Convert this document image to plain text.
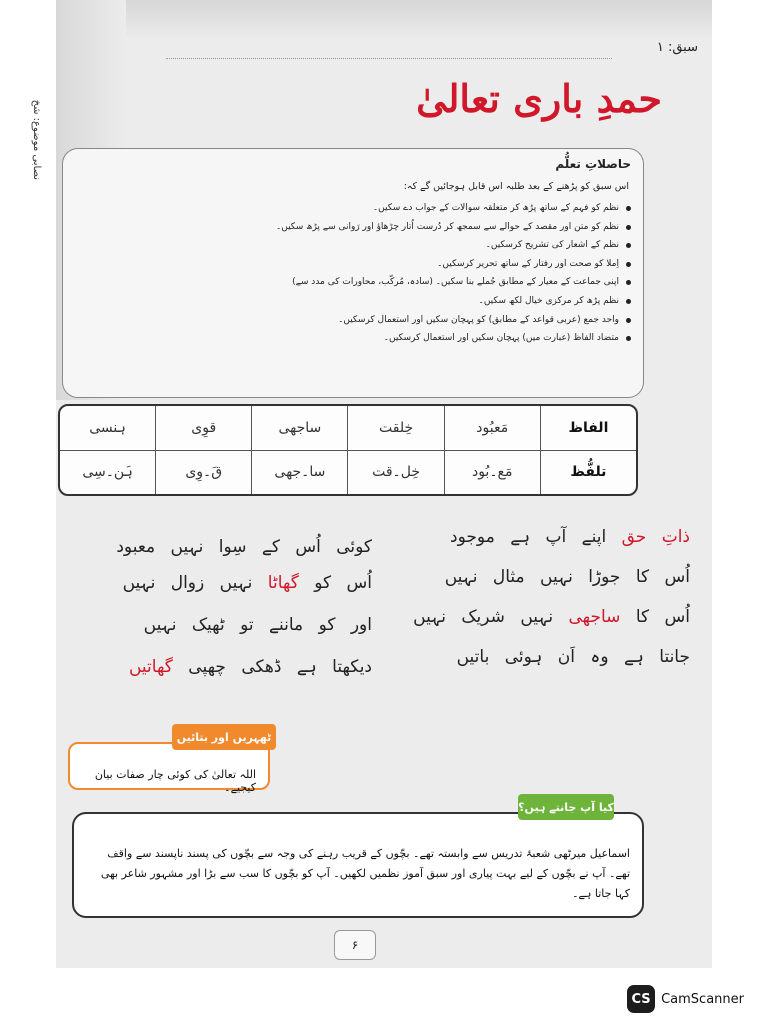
نصابی موضوع: شخ
سبق: ۱
حمدِ باری تعالیٰ
حاصلاتِ تعلُّم
اس سبق کو پڑھنے کے بعد طلبہ اس قابل ہوجائیں گے کہ:
نظم کو فہم کے ساتھ پڑھ کر متعلقہ سوالات کے جواب دے سکیں۔
نظم کو متن اور مقصد کے حوالے سے سمجھ کر دُرست اُتار چڑھاؤ اور رَوانی سے پڑھ سکیں۔
نظم کے اشعار کی تشریح کرسکیں۔
اِملا کو صحت اور رفتار کے ساتھ تحریر کرسکیں۔
اپنی جماعت کے معیار کے مطابق جُملے بنا سکیں۔ (سادہ، مُرکّب، محاورات کی مدد سے)
نظم پڑھ کر مرکزی خیال لکھ سکیں۔
واحد جمع (عربی قواعد کے مطابق) کو پہچان سکیں اور استعمال کرسکیں۔
متضاد الفاظ (عبارت میں) پہچان سکیں اور استعمال کرسکیں۔
الفاظ
مَعبُود
خِلقت
ساجھی
قوِی
ہنسی
تلفُّظ
مَع۔بُود
خِل۔قت
سا۔جھی
قَ۔وِی
ہَن۔سِی
ذاتِ حق اپنے آپ ہے موجود
کوئی اُس کے سِوا نہیں معبود
اُس کا جوڑا نہیں مثال نہیں
اُس کو گھاٹا نہیں زوال نہیں
اُس کا ساجھی نہیں شریک نہیں
اور کو ماننے تو ٹھیک نہیں
جانتا ہے وہ اَن ہوئی باتیں
دیکھتا ہے ڈھکی چھپی گھاتیں
اللہ تعالیٰ کی کوئی چار صفات بیان کیجیے۔
ٹھہریں اور بتائیں
اسماعیل میرٹھی شعبۂ تدریس سے وابستہ تھے۔ بچّوں کے قریب رہنے کی وجہ سے بچّوں کی پسند ناپسند سے واقف تھے۔ آپ نے بچّوں کے لیے بہت پیاری اور سبق آموز نظمیں لکھیں۔ آپ کو بچّوں کا سب سے بڑا اور مشہور شاعر بھی کہا جاتا ہے۔
کیا آپ جانتے ہیں؟
۶
CS CamScanner
